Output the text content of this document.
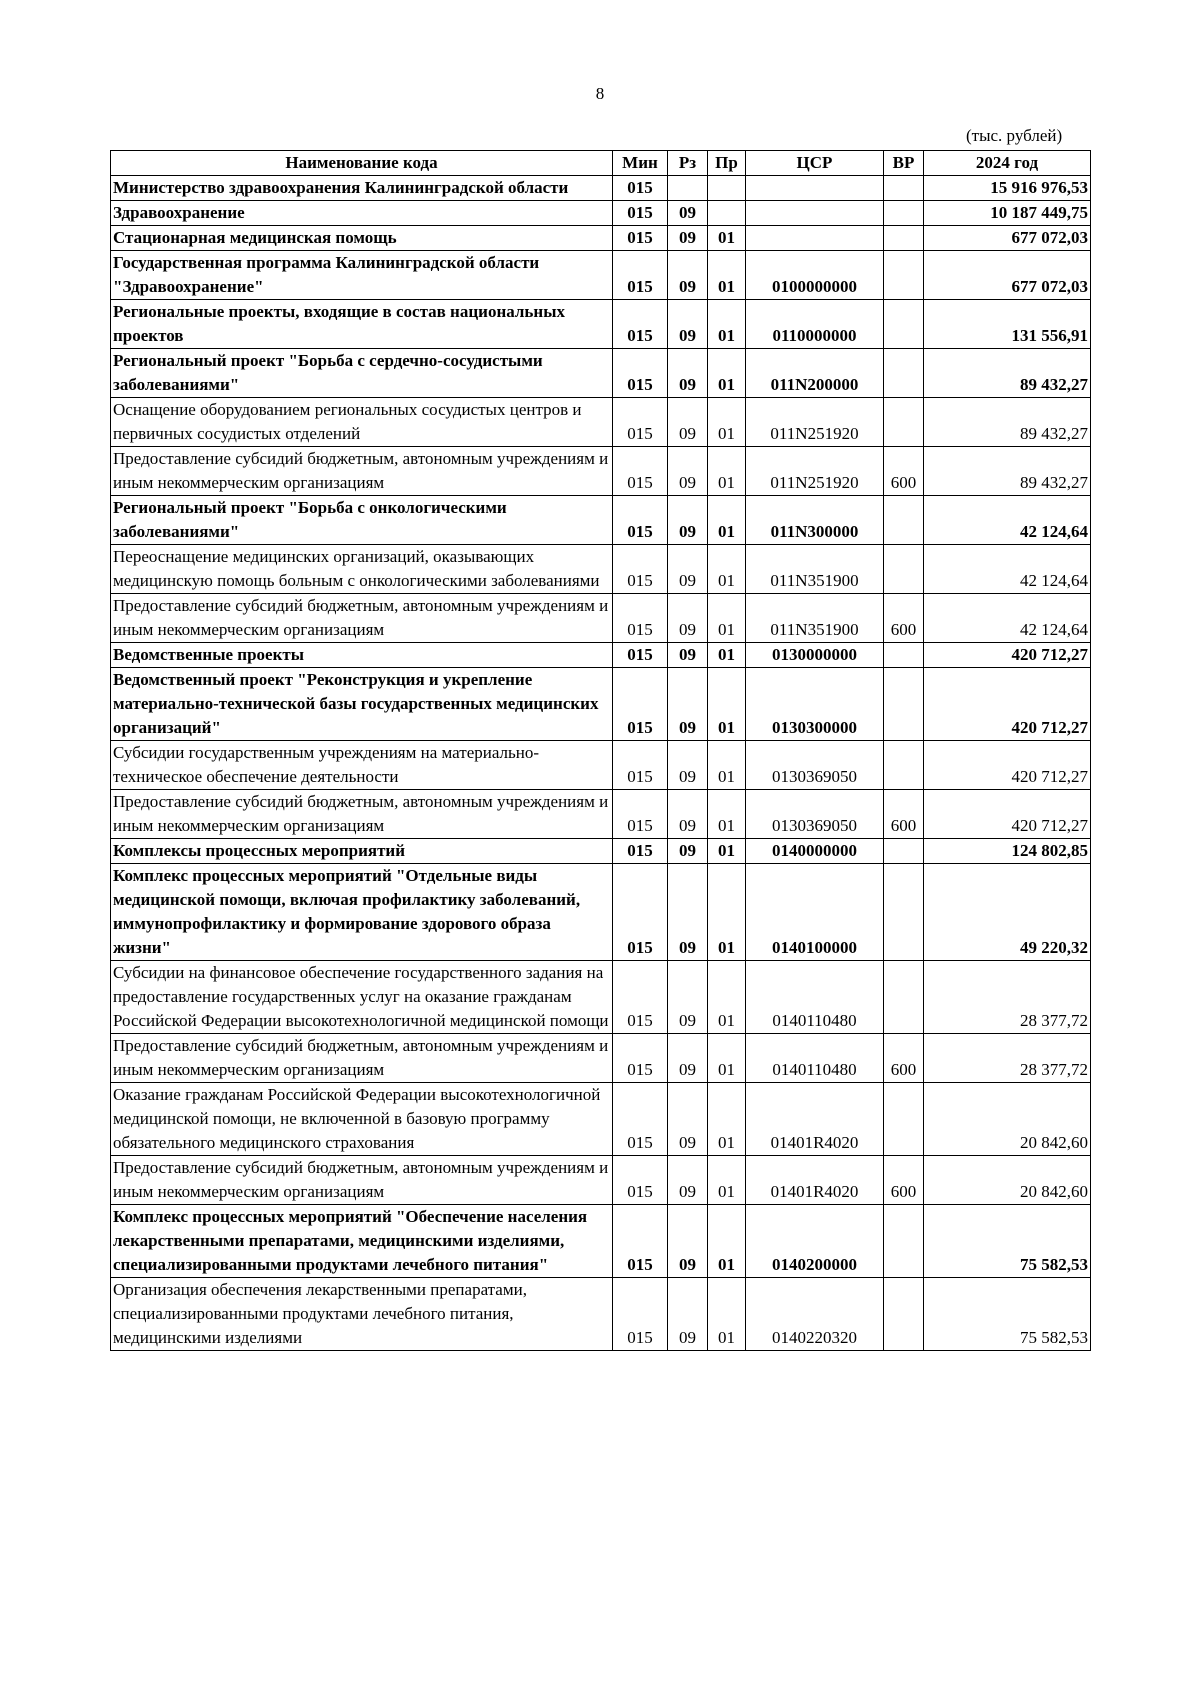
8
(тыс. рублей)
Наименование кода	Мин	Рз	Пр	ЦСР	ВР	2024 год
Министерство здравоохранения Калининградской области	015					15 916 976,53
Здравоохранение	015	09				10 187 449,75
Стационарная медицинская помощь	015	09	01			677 072,03
Государственная программа Калининградской области "Здравоохранение"	015	09	01	0100000000		677 072,03
Региональные проекты, входящие в состав национальных проектов	015	09	01	0110000000		131 556,91
Региональный проект "Борьба с сердечно-сосудистыми заболеваниями"	015	09	01	011N200000		89 432,27
Оснащение оборудованием региональных сосудистых центров и первичных сосудистых отделений	015	09	01	011N251920		89 432,27
Предоставление субсидий бюджетным, автономным учреждениям и иным некоммерческим организациям	015	09	01	011N251920	600	89 432,27
Региональный проект "Борьба с онкологическими заболеваниями"	015	09	01	011N300000		42 124,64
Переоснащение медицинских организаций, оказывающих медицинскую помощь больным с онкологическими заболеваниями	015	09	01	011N351900		42 124,64
Предоставление субсидий бюджетным, автономным учреждениям и иным некоммерческим организациям	015	09	01	011N351900	600	42 124,64
Ведомственные проекты	015	09	01	0130000000		420 712,27
Ведомственный проект "Реконструкция и укрепление материально-технической базы государственных медицинских организаций"	015	09	01	0130300000		420 712,27
Субсидии государственным учреждениям на материально-техническое обеспечение деятельности	015	09	01	0130369050		420 712,27
Предоставление субсидий бюджетным, автономным учреждениям и иным некоммерческим организациям	015	09	01	0130369050	600	420 712,27
Комплексы процессных мероприятий	015	09	01	0140000000		124 802,85
Комплекс процессных мероприятий "Отдельные виды медицинской помощи, включая профилактику заболеваний, иммунопрофилактику и формирование здорового образа жизни"	015	09	01	0140100000		49 220,32
Субсидии на финансовое обеспечение государственного задания на предоставление государственных услуг на оказание гражданам Российской Федерации высокотехнологичной медицинской помощи	015	09	01	0140110480		28 377,72
Предоставление субсидий бюджетным, автономным учреждениям и иным некоммерческим организациям	015	09	01	0140110480	600	28 377,72
Оказание гражданам Российской Федерации высокотехнологичной медицинской помощи, не включенной в базовую программу обязательного медицинского страхования	015	09	01	01401R4020		20 842,60
Предоставление субсидий бюджетным, автономным учреждениям и иным некоммерческим организациям	015	09	01	01401R4020	600	20 842,60
Комплекс процессных мероприятий "Обеспечение населения лекарственными препаратами, медицинскими изделиями, специализированными продуктами лечебного питания"	015	09	01	0140200000		75 582,53
Организация обеспечения лекарственными препаратами, специализированными продуктами лечебного питания, медицинскими изделиями	015	09	01	0140220320		75 582,53
